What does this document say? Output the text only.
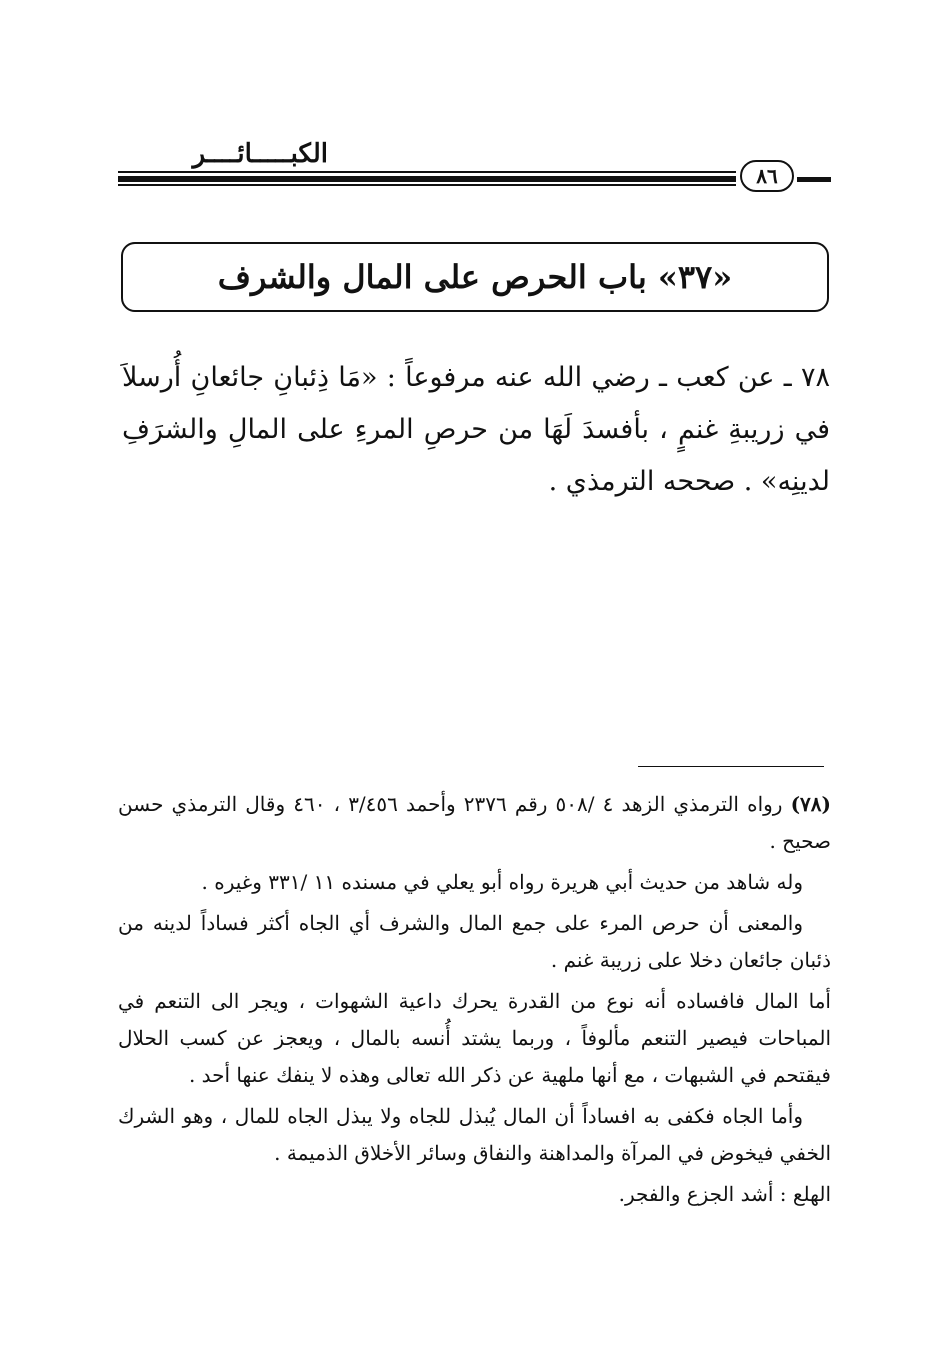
الكبـــــائــــر
٨٦
«٣٧» باب الحرص على المال والشرف

٧٨ ـ عن كعب ـ رضي الله عنه مرفوعاً : «مَا ذِئبانِ جائعانِ أُرسلاَ في زريبةِ غنمٍ ، بأفسدَ لَهَا من حرصِ المرءِ على المالِ والشرَفِ لدينِه» . صححه الترمذي .

(٧٨) رواه الترمذي الزهد ٤ /٥٠٨ رقم ٢٣٧٦ وأحمد ٣/٤٥٦ ، ٤٦٠ وقال الترمذي حسن صحيح .

وله شاهد من حديث أبي هريرة رواه أبو يعلي في مسنده ١١ /٣٣١ وغيره .

والمعنى أن حرص المرء على جمع المال والشرف أي الجاه أكثر فساداً لدينه من ذئبان جائعان دخلا على زريبة غنم .

أما المال فافساده أنه نوع من القدرة يحرك داعية الشهوات ، ويجر الى التنعم في المباحات فيصير التنعم مألوفاً ، وربما يشتد أُنسه بالمال ، ويعجز عن كسب الحلال فيقتحم في الشبهات ، مع أنها ملهية عن ذكر الله تعالى وهذه لا ينفك عنها أحد .

وأما الجاه فكفى به افساداً أن المال يُبذل للجاه ولا يبذل الجاه للمال ، وهو الشرك الخفي فيخوض في المرآة والمداهنة والنفاق وسائر الأخلاق الذميمة .

الهلع : أشد الجزع والفجر.
